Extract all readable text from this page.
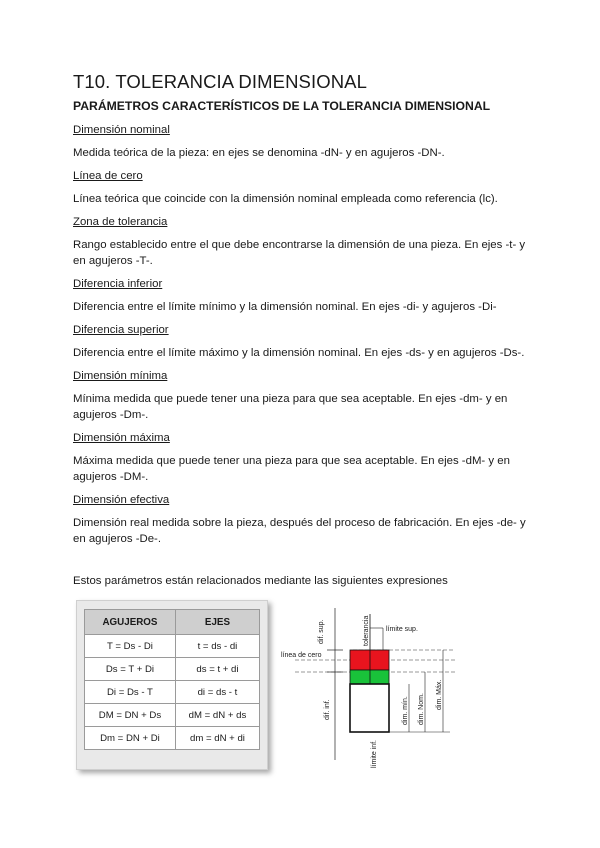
T10. TOLERANCIA DIMENSIONAL
PARÁMETROS CARACTERÍSTICOS DE LA TOLERANCIA DIMENSIONAL
Dimensión nominal
Medida teórica de la pieza: en ejes se denomina -dN- y en agujeros -DN-.
Línea de cero
Línea teórica que coincide con la dimensión nominal empleada como referencia (lc).
Zona de tolerancia
Rango establecido entre el que debe encontrarse la dimensión de una pieza. En ejes -t- y en agujeros -T-.
Diferencia inferior
Diferencia entre el límite mínimo y la dimensión nominal. En ejes -di- y agujeros -Di-
Diferencia superior
Diferencia entre el límite máximo y la dimensión nominal. En ejes -ds- y en agujeros -Ds-.
Dimensión mínima
Mínima medida que puede tener una pieza para que sea aceptable. En ejes -dm- y en agujeros -Dm-.
Dimensión máxima
Máxima medida que puede tener una pieza para que sea aceptable. En ejes -dM- y en agujeros -DM-.
Dimensión efectiva
Dimensión real medida sobre la pieza, después del proceso de fabricación. En ejes -de- y en agujeros -De-.
Estos parámetros están relacionados mediante las siguientes expresiones
AGUJEROS	EJES
T = Ds - Di	t = ds - di
Ds = T + Di	ds = t + di
Di = Ds - T	di = ds - t
DM = DN + Ds	dM = dN + ds
Dm = DN + Di	dm = dN + di
dif. sup.	tolerancia límite sup.
línea de cero
dif. inf.	dim. mín. dim. Nom. dim. Máx.
límite inf.
